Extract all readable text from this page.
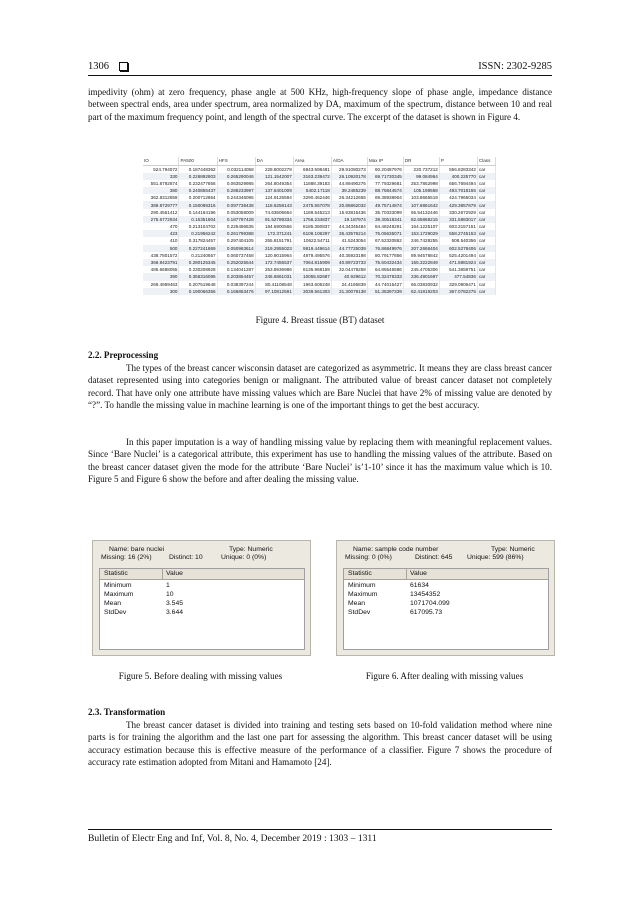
1306	ISSN: 2302-9285
impedivity (ohm) at zero frequency, phase angle at 500 KHz, high-frequency slope of phase angle, impedance distance between spectral ends, area under spectrum, area normalized by DA, maximum of the spectrum, distance between 10 and real part of the maximum frequency point, and length of the spectral curve. The excerpt of the dataset is shown in Figure 4.
IO	PA500	HFS	DA	Area	A/DA	Max IP	DR	P	Class
524.794072	0.187448362	0.032114058	228.8002279	6843.598481	29.91080273	60.20487976	220.737212	556.8283342	car
330	0.226892803	0.265290046	121.1542007	3163.239472	26.10920178	69.71730345	99.084964	400.225770	car
551.8792874	0.232477856	0.063529985	264.8049354	11888.39183	44.89490276	77.79329681	253.7852998	656.7694494	car
380	0.240855437	0.286233997	137.6401009	5402.17118	39.2485239	88.75844574	105.198568	493.7018155	car
362.8312659	0.200712864	0.244346095	124.9125594	3290.462446	26.34212655	69.38938904	103.8665519	424.7965034	car
389.8729777	0.150098316	0.097738438	118.6258143	2475.557078	20.86862032	49.75714874	107.6861642	429.3857879	car
290.4551412	0.144164196	0.053058009	74.63506664	1189.545213	15.93815436	35.70333099	65.54132446	330.2672929	car
275.6772934	0.15351804	0.187797428	91.52789334	1756.234837	19.187974	39.30518341	82.65868215	331.5883017	car
470	0.213104702	0.225496535	184.5900566	8185.360837	44.34345484	84.48248291	164.1225107	603.3157151	car
423	0.21956242	0.261799388	172.371241	6108.106297	35.43576214	75.05635071	153.1729029	558.2745153	car
410	0.317824457	0.297404105	255.8151791	10622.54711	41.5243054	67.52320862	246.7428255	508.540356	car
500	0.227241869	0.050963614	219.2955023	9819.449614	44.77725039	76.86849976	207.2666404	602.5278406	car
438.7801572	0.21240657	0.060737458	120.9015964	4879.495576	40.35923198	80.79177856	89.94578842	525.4201494	car
366.9423791	0.280125345	0.252025544	172.7455537	7064.815909	40.89723733	75.60432434	155.3222849	471.5881924	car
485.6688055	0.230208928	0.134041287	253.8936986	8135.968159	32.04478258	64.85546586	245.4705306	541.3659751	car
390	0.356316095	0.203854457	245.6861031	10055.82687	40.929612	70.32478333	236.4901697	477.54836	car
269.4959463	0.207519648	0.038397244	80.41108548	1963.605248	24.4195839	44.74015427	66.03830932	329.0906471	car
300	0.190066356	0.166853476	97.10812591	3039.561303	31.30079138	51.35397339	62.41819203	367.0782275	car
Figure 4. Breast tissue (BT) dataset
2.2. Preprocessing
The types of the breast cancer wisconsin dataset are categorized as asymmetric. It means they are class breast cancer dataset represented using into categories benign or malignant. The attributed value of breast cancer dataset not completely record. That have only one attribute have missing values which are Bare Nuclei that have 2% of missing value are denoted by “?”. To handle the missing value in machine learning is one of the important things to get the best accuracy.
In this paper imputation is a way of handling missing value by replacing them with meaningful replacement values. Since ‘Bare Nuclei’ is a categorical attribute, this experiment has use to handling the missing values of the attribute. Based on the breast cancer dataset given the mode for the attribute ‘Bare Nuclei’ is’1-10’ since it has the maximum value which is 10. Figure 5 and Figure 6 show the before and after dealing the missing value.
Name: bare nuclei	Type: Numeric
Missing: 16 (2%)	Distinct: 10	Unique: 0 (0%)
Statistic	Value
Minimum	1
Maximum	10
Mean	3.545
StdDev	3.644
Name: sample code number	Type: Numeric
Missing: 0 (0%)	Distinct: 645 Unique: 599 (86%)
Statistic	Value
Minimum	61634
Maximum	13454352
Mean	1071704.099
StdDev	617095.73
Figure 5. Before dealing with missing values	Figure 6. After dealing with missing values
2.3. Transformation
The breast cancer dataset is divided into training and testing sets based on 10-fold validation method where nine parts is for training the algorithm and the last one part for assessing the algorithm. This breast cancer dataset will be using accuracy estimation because this is effective measure of the performance of a classifier. Figure 7 shows the procedure of accuracy rate estimation adopted from Mitani and Hamamoto [24].
Bulletin of Electr Eng and Inf, Vol. 8, No. 4, December 2019 : 1303 – 1311
